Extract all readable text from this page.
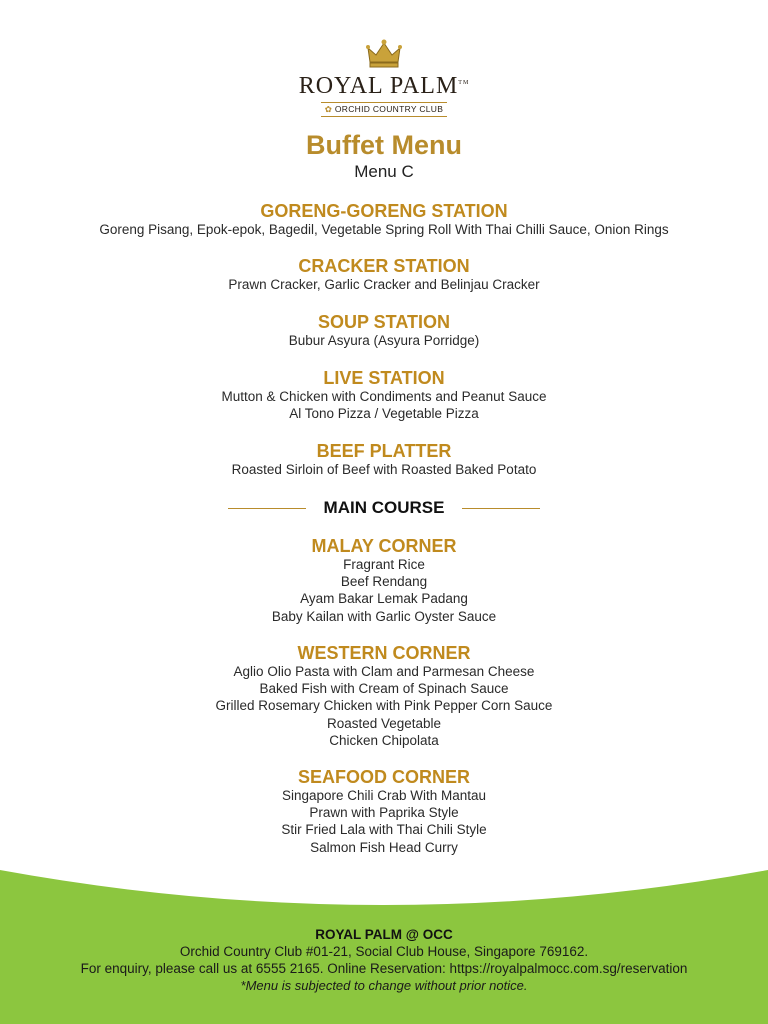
ROYAL PALM™
✿ ORCHID COUNTRY CLUB
Buffet Menu
Menu C
GORENG-GORENG STATION
Goreng Pisang, Epok-epok, Bagedil, Vegetable Spring Roll With Thai Chilli Sauce, Onion Rings
CRACKER STATION
Prawn Cracker, Garlic Cracker and Belinjau Cracker
SOUP STATION
Bubur Asyura (Asyura Porridge)
LIVE STATION
Mutton & Chicken with Condiments and Peanut Sauce
Al Tono Pizza / Vegetable Pizza
BEEF PLATTER
Roasted Sirloin of Beef with Roasted Baked Potato
MAIN COURSE
MALAY CORNER
Fragrant Rice
Beef Rendang
Ayam Bakar Lemak Padang
Baby Kailan with Garlic Oyster Sauce
WESTERN CORNER
Aglio Olio Pasta with Clam and Parmesan Cheese
Baked Fish with Cream of Spinach Sauce
Grilled Rosemary Chicken with Pink Pepper Corn Sauce
Roasted Vegetable
Chicken Chipolata
SEAFOOD CORNER
Singapore Chili Crab With Mantau
Prawn with Paprika Style
Stir Fried Lala with Thai Chili Style
Salmon Fish Head Curry
ROYAL PALM @ OCC
Orchid Country Club #01-21, Social Club House, Singapore 769162.
For enquiry, please call us at 6555 2165. Online Reservation: https://royalpalmocc.com.sg/reservation
*Menu is subjected to change without prior notice.
